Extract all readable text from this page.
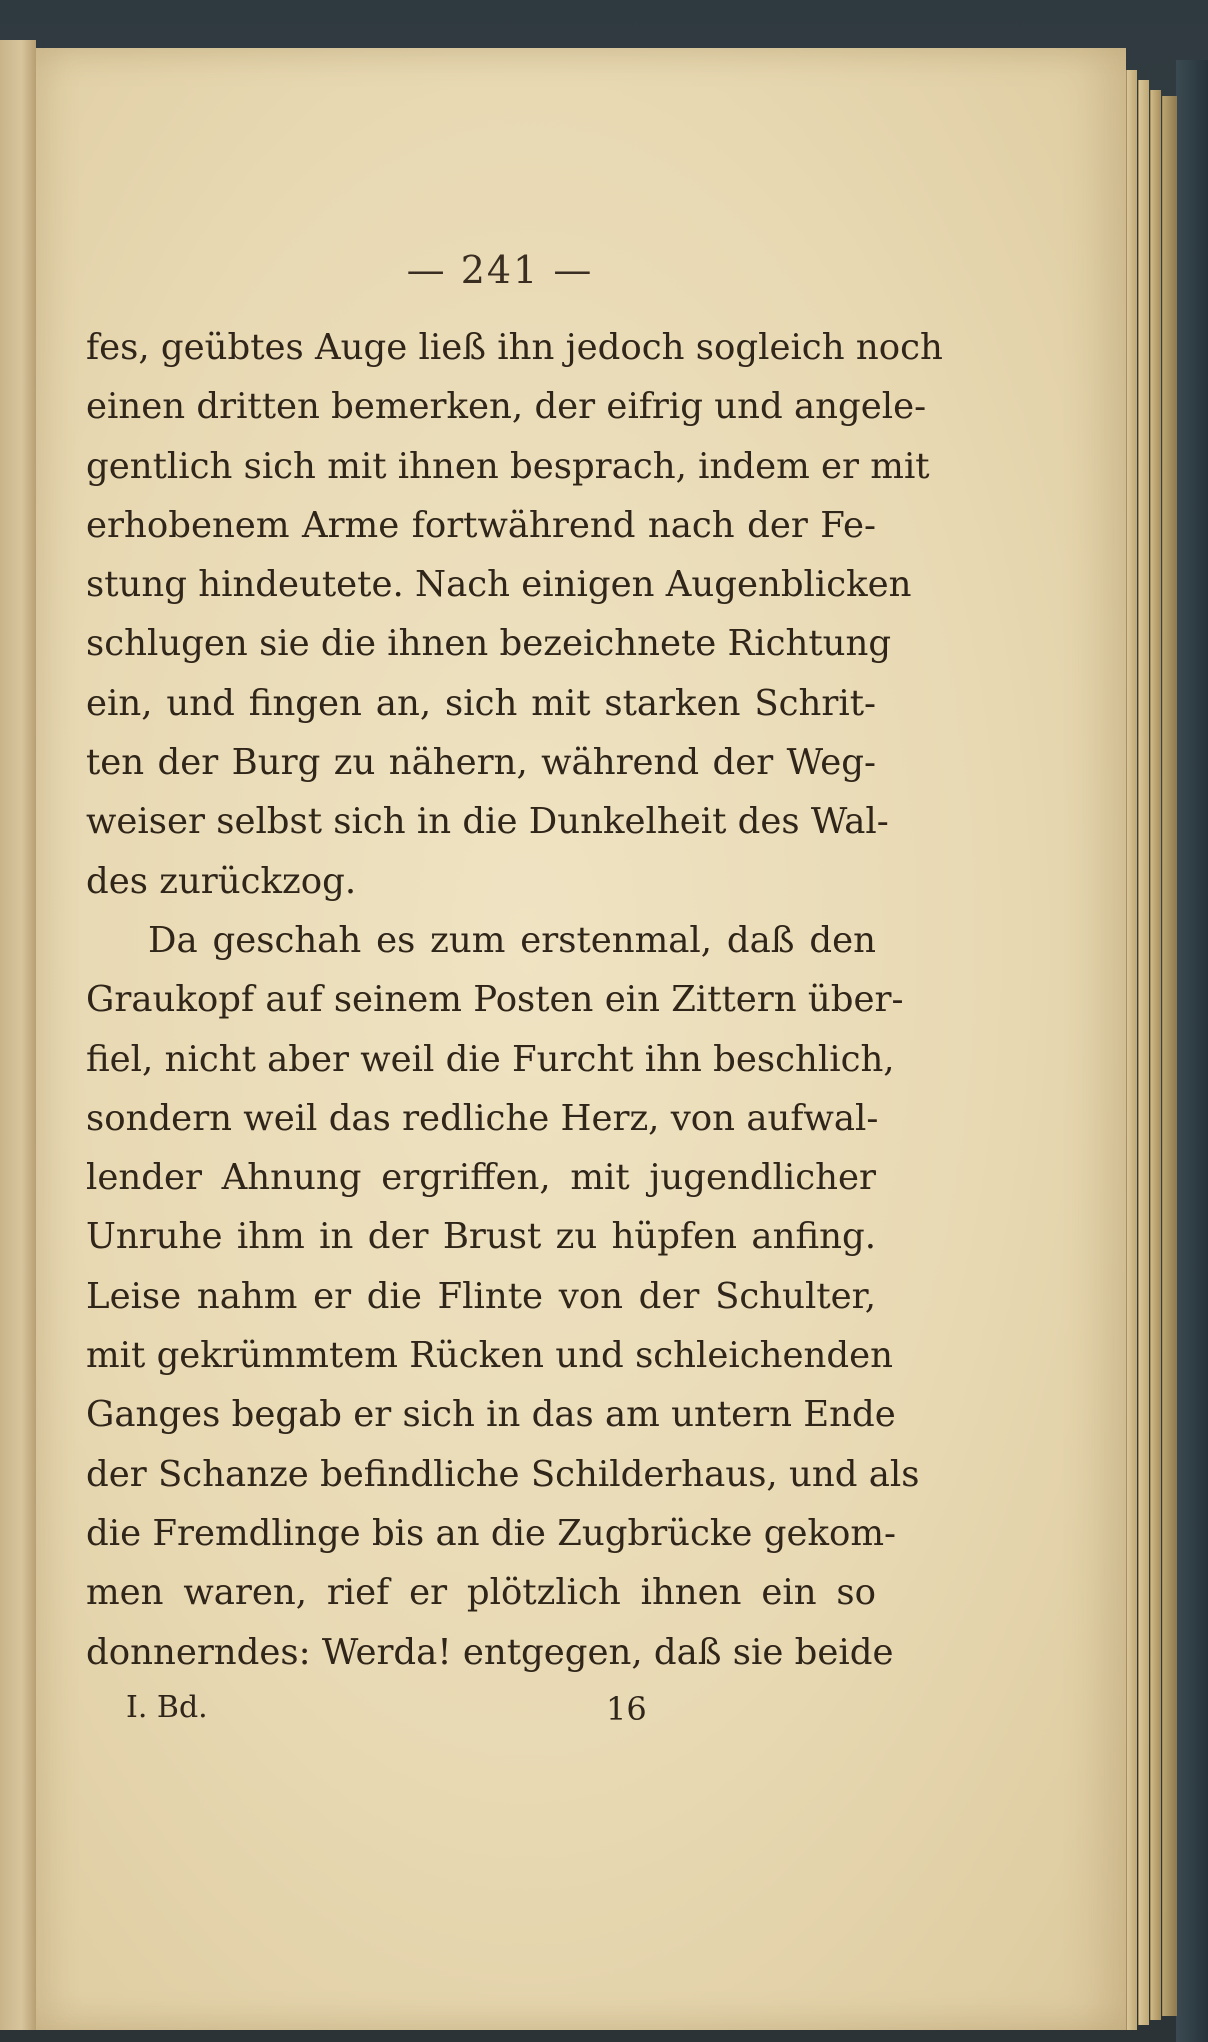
— 241 —
fes, geübtes Auge ließ ihn jedoch sogleich noch
einen dritten bemerken, der eifrig und angele-
gentlich sich mit ihnen besprach, indem er mit
erhobenem Arme fortwährend nach der Fe-
stung hindeutete. Nach einigen Augenblicken
schlugen sie die ihnen bezeichnete Richtung
ein, und fingen an, sich mit starken Schrit-
ten der Burg zu nähern, während der Weg-
weiser selbst sich in die Dunkelheit des Wal-
des zurückzog.
Da geschah es zum erstenmal, daß den
Graukopf auf seinem Posten ein Zittern über-
fiel, nicht aber weil die Furcht ihn beschlich,
sondern weil das redliche Herz, von aufwal-
lender Ahnung ergriffen, mit jugendlicher
Unruhe ihm in der Brust zu hüpfen anfing.
Leise nahm er die Flinte von der Schulter,
mit gekrümmtem Rücken und schleichenden
Ganges begab er sich in das am untern Ende
der Schanze befindliche Schilderhaus, und als
die Fremdlinge bis an die Zugbrücke gekom-
men waren, rief er plötzlich ihnen ein so
donnerndes: Werda! entgegen, daß sie beide
I. Bd.	16
